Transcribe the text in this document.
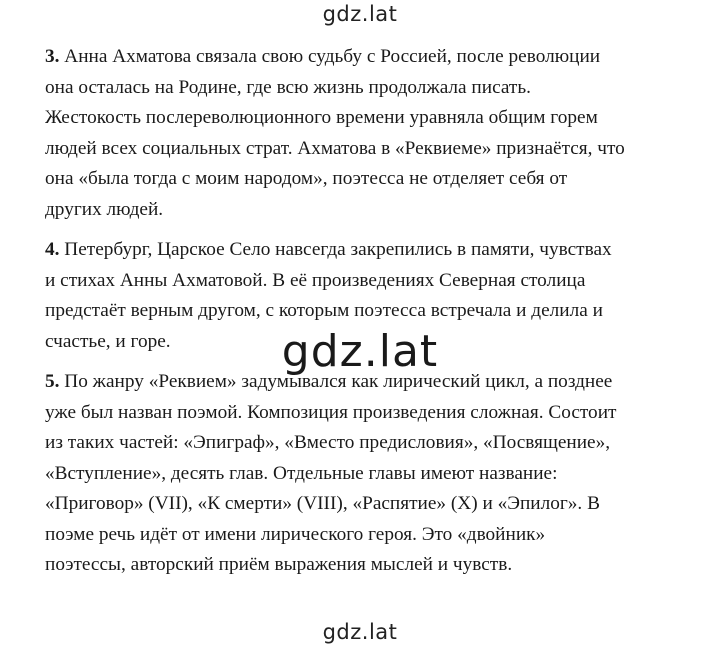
gdz.lat

3. Анна Ахматова связала свою судьбу с Россией, после революции
она осталась на Родине, где всю жизнь продолжала писать.
Жестокость послереволюционного времени уравняла общим горем
людей всех социальных страт. Ахматова в «Реквиеме» признаётся, что
она «была тогда с моим народом», поэтесса не отделяет себя от
других людей.

4. Петербург, Царское Село навсегда закрепились в памяти, чувствах
и стихах Анны Ахматовой. В её произведениях Северная столица
предстаёт верным другом, с которым поэтесса встречала и делила и
счастье, и горе.

5. По жанру «Реквием» задумывался как лирический цикл, а позднее
уже был назван поэмой. Композиция произведения сложная. Состоит
из таких частей: «Эпиграф», «Вместо предисловия», «Посвящение»,
«Вступление», десять глав. Отдельные главы имеют название:
«Приговор» (VII), «К смерти» (VIII), «Распятие» (X) и «Эпилог». В
поэме речь идёт от имени лирического героя. Это «двойник»
поэтессы, авторский приём выражения мыслей и чувств.

gdz.lat
gdz.lat
